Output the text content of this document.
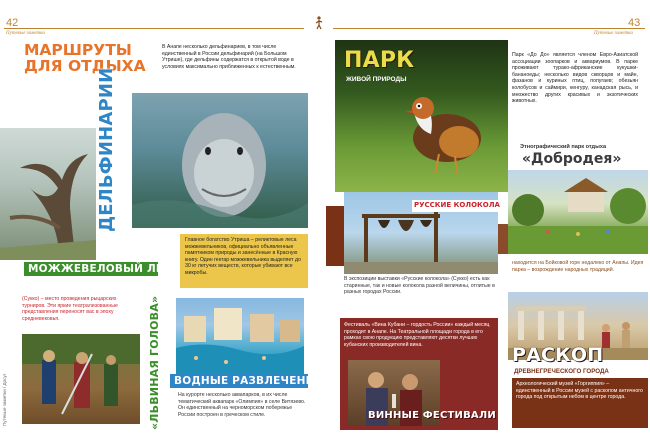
42
Путевые заметки
43
Путевые заметки
МАРШРУТЫ ДЛЯ ОТДЫХА
В Анапе несколько дельфинариев, в том числе единственный в России дельфинарий (на Большом Утрише), где дельфины содержатся в открытой воде в условиях максимально приближенных к естественным.
ДЕЛЬФИНАРИИ
Главное богатство Утриша – реликтовые леса можжевельников, официально объявленные памятником природы и занесённые в Красную книгу. Один гектар можжевельника выделяет до 30 кг летучих веществ, которые убивают все микробы.
МОЖЖЕВЕЛОВЫЙ ЛЕС
(Сукко) – место проведения рыцарских турниров. Эти яркие театрализованные представления переносят вас в эпоху средневековья.
Путевые заметки / Досуг	«ЛЬВИНАЯ ГОЛОВА» ВОДНЫЕ РАЗВЛЕЧЕНИЯ
На курорте несколько аквапарков, в их числе тематический аквапарк «Олимпия» в селе Витязево. Он единственный на черноморском побережье России построен в греческом стиле.
ПАРК
ЖИВОЙ ПРИРОДЫ
Парк «До До» является членом Евро-Азиатской ассоциации зоопарков и аквариумов. В парке проживают турако-африканские кукушки-бананоеды; несколько видов скворцов и майн, фазанов и куриных птиц, попугаев; обезьян колобусов и саймири, кенгуру, канадская рысь, и множество других красивых и экзотических животных.
Этнографический парк отдыха
«Добродея»
находится на Бойковой горе недалеко от Анапы. Идея парка – возрождение народных традиций.
РУССКИЕ КОЛОКОЛА
В экспозиции выставки «Русские колокола» (Сукко) есть как старинные, так и новые колокола разной величины, отлитые в разных городах России.
Фестиваль «Вина Кубани – гордость России» каждый месяц проходит в Анапе. На Театральной площади города в его рамках свою продукцию представляют десятки лучших кубанских производителей вина.
ВИННЫЕ ФЕСТИВАЛИ
РАСКОП
ДРЕВНЕГРЕЧЕСКОГО ГОРОДА
Археологический музей «Горгиппия» – единственный в России музей с раскопом античного города под открытым небом в центре города.
